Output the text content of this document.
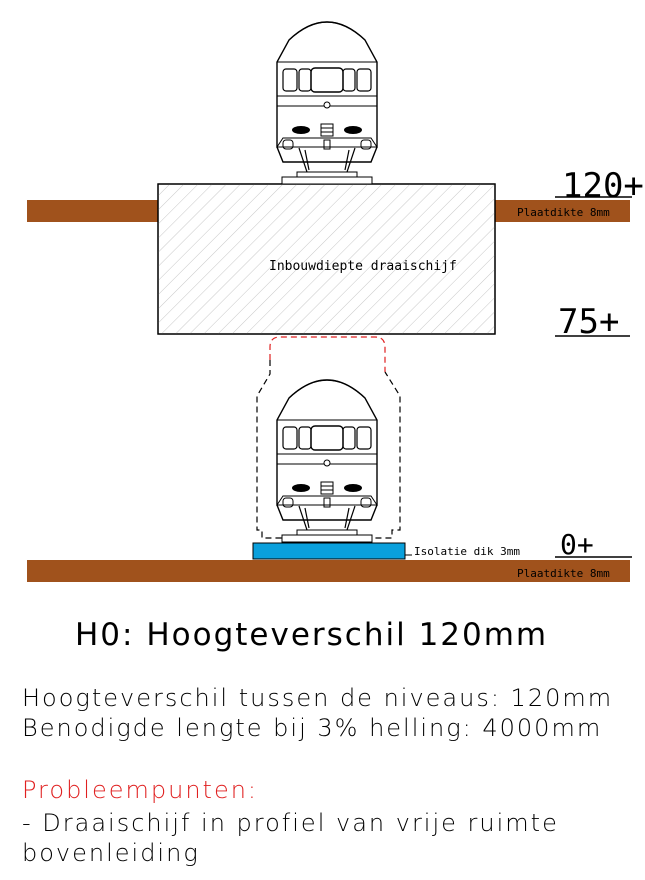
120+
75+
0+
Plaatdikte 8mm
Plaatdikte 8mm
Inbouwdiepte draaischijf
Isolatie dik 3mm
H0: Hoogteverschil 120mm
Hoogteverschil tussen de niveaus: 120mm
Benodigde lengte bij 3% helling: 4000mm
Probleempunten:
- Draaischijf in profiel van vrije ruimte
bovenleiding
